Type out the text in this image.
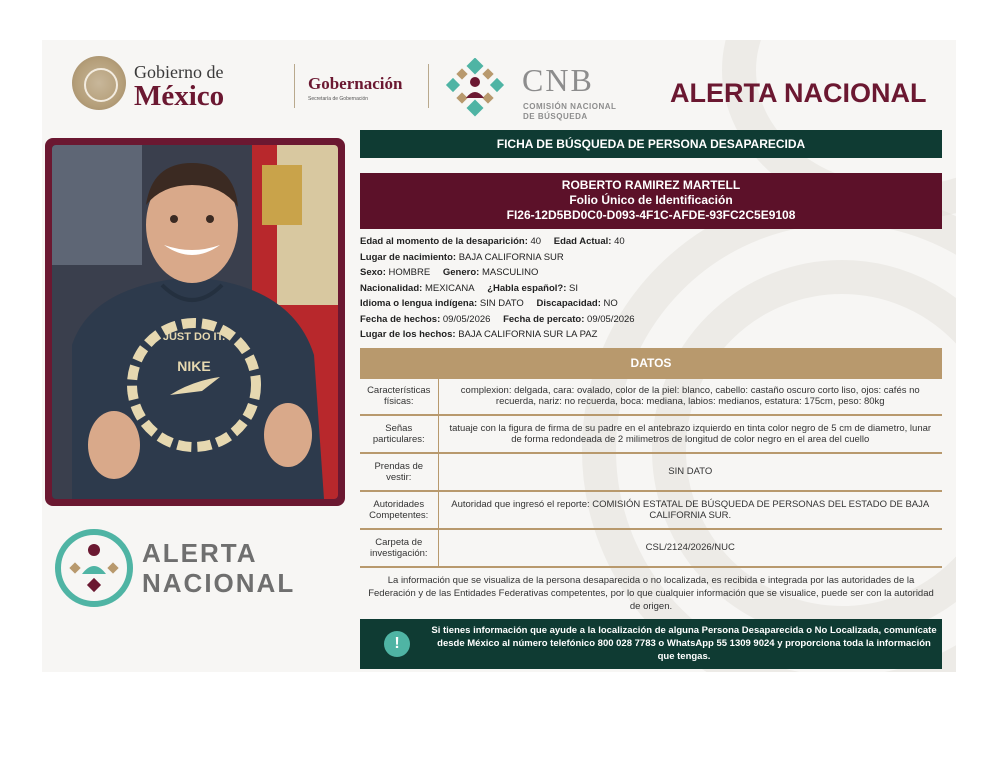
Gobierno de
México	Gobernación
Secretaría de Gobernación
CNB
COMISIÓN NACIONAL
DE BÚSQUEDA
ALERTA NACIONAL
NIKE
JUST DO IT.
ALERTA
NACIONAL
FICHA DE BÚSQUEDA DE PERSONA DESAPARECIDA
ROBERTO RAMIREZ MARTELL
Folio Único de Identificación
FI26-12D5BD0C0-D093-4F1C-AFDE-93FC2C5E9108
Edad al momento de la desaparición: 40 Edad Actual: 40
Lugar de nacimiento: BAJA CALIFORNIA SUR
Sexo: HOMBRE Genero: MASCULINO
Nacionalidad: MEXICANA ¿Habla español?: SI
Idioma o lengua indígena: SIN DATO Discapacidad: NO
Fecha de hechos: 09/05/2026 Fecha de percato: 09/05/2026
Lugar de los hechos: BAJA CALIFORNIA SUR LA PAZ
DATOS
Características físicas:	complexion: delgada, cara: ovalado, color de la piel: blanco, cabello: castaño oscuro corto liso, ojos: cafés no recuerda, nariz: no recuerda, boca: mediana, labios: medianos, estatura: 175cm, peso: 80kg
Señas particulares:	tatuaje con la figura de firma de su padre en el antebrazo izquierdo en tinta color negro de 5 cm de diametro, lunar de forma redondeada de 2 milimetros de longitud de color negro en el area del cuello
Prendas de vestir:	SIN DATO
Autoridades Competentes:	Autoridad que ingresó el reporte: COMISIÓN ESTATAL DE BÚSQUEDA DE PERSONAS DEL ESTADO DE BAJA CALIFORNIA SUR.
Carpeta de investigación:	CSL/2124/2026/NUC
La información que se visualiza de la persona desaparecida o no localizada, es recibida e integrada por las autoridades de la Federación y de las Entidades Federativas competentes, por lo que cualquier información que se visualice, puede ser con la autoridad de origen.
!
Si tienes información que ayude a la localización de alguna Persona Desaparecida o No Localizada, comunícate desde México al número telefónico 800 028 7783 o WhatsApp 55 1309 9024 y proporciona toda la información que tengas.
